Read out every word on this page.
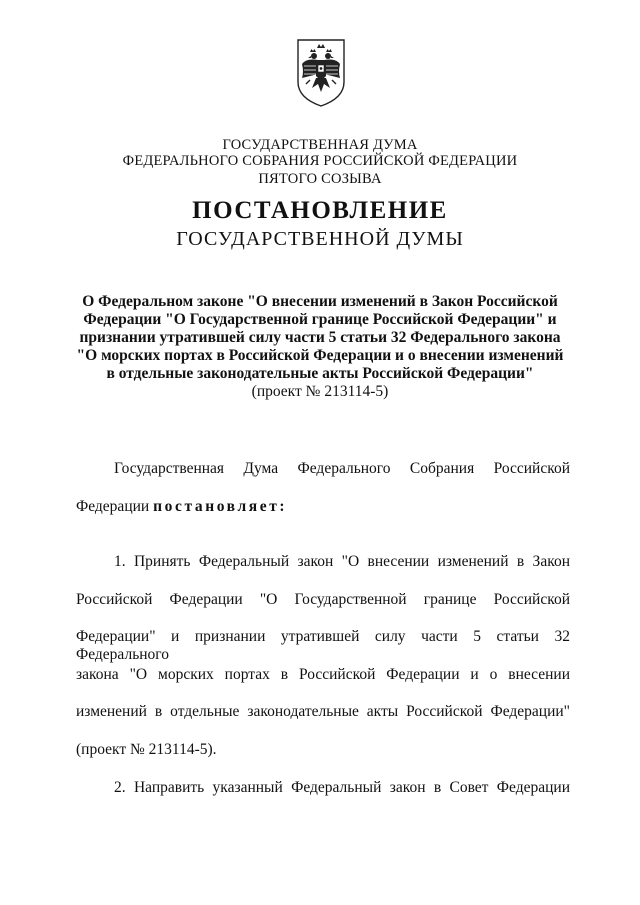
ГОСУДАРСТВЕННАЯ ДУМА
ФЕДЕРАЛЬНОГО СОБРАНИЯ РОССИЙСКОЙ ФЕДЕРАЦИИ
ПЯТОГО СОЗЫВА
ПОСТАНОВЛЕНИЕ
ГОСУДАРСТВЕННОЙ ДУМЫ
О Федеральном законе "О внесении изменений в Закон Российской
Федерации "О Государственной границе Российской Федерации" и
признании утратившей силу части 5 статьи 32 Федерального закона
"О морских портах в Российской Федерации и о внесении изменений
в отдельные законодательные акты Российской Федерации"
(проект № 213114-5)
Государственная Дума Федерального Собрания Российской
Федерации постановляет:
1. Принять Федеральный закон "О внесении изменений в Закон
Российской Федерации "О Государственной границе Российской
Федерации" и признании утратившей силу части 5 статьи 32 Федерального
закона "О морских портах в Российской Федерации и о внесении
изменений в отдельные законодательные акты Российской Федерации"
(проект № 213114-5).
2. Направить указанный Федеральный закон в Совет Федерации
